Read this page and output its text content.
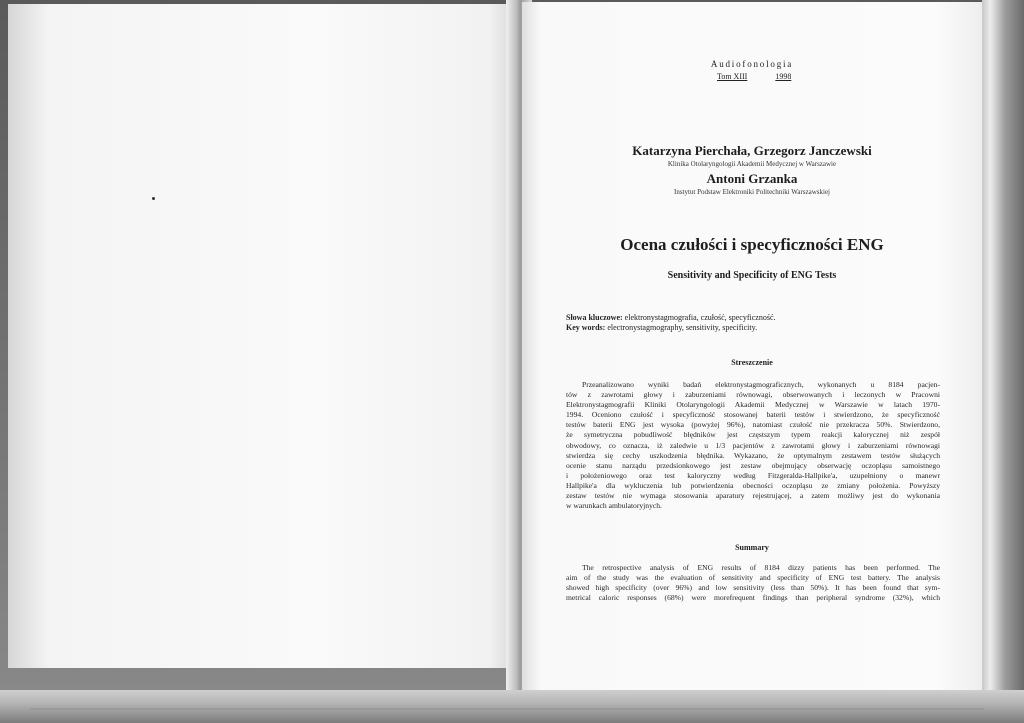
Audiofonologia
Tom XIII	1998
Katarzyna Pierchała, Grzegorz Janczewski
Klinika Otolaryngologii Akademii Medycznej w Warszawie
Antoni Grzanka
Instytut Podstaw Elektroniki Politechniki Warszawskiej
Ocena czułości i specyficzności ENG
Sensitivity and Specificity of ENG Tests
Słowa kluczowe: elektronystagmografia, czułość, specyficzność.
Key words: electronystagmography, sensitivity, specificity.
Streszczenie
Przeanalizowano wyniki badań elektronystagmograficznych, wykonanych u 8184 pacjen-
tów z zawrotami głowy i zaburzeniami równowagi, obserwowanych i leczonych w Pracowni
Elektronystagmografii Kliniki Otolaryngologii Akademii Medycznej w Warszawie w latach 1970-
1994. Oceniono czułość i specyficzność stosowanej baterii testów i stwierdzono, że specyficzność
testów baterii ENG jest wysoka (powyżej 96%), natomiast czułość nie przekracza 50%. Stwierdzono,
że symetryczna pobudliwość błędników jest częstszym typem reakcji kalorycznej niż zespół
obwodowy, co oznacza, iż zaledwie u 1/3 pacjentów z zawrotami głowy i zaburzeniami równowagi
stwierdza się cechy uszkodzenia błędnika. Wykazano, że optymalnym zestawem testów służących
ocenie stanu narządu przedsionkowego jest zestaw obejmujący obserwację oczopląsu samoistnego
i położeniowego oraz test kaloryczny według Fitzgeralda-Hallpike'a, uzupełniony o manewr
Hallpike'a dla wykluczenia lub potwierdzenia obecności oczopląsu ze zmiany położenia. Powyższy
zestaw testów nie wymaga stosowania aparatury rejestrującej, a zatem możliwy jest do wykonania
w warunkach ambulatoryjnych.
Summary
The retrospective analysis of ENG results of 8184 dizzy patients has been performed. The
aim of the study was the evaluation of sensitivity and specificity of ENG test battery. The analysis
showed high specificity (over 96%) and low sensitivity (less than 50%). It has been found that sym-
metrical caloric responses (68%) were morefrequent findings than peripheral syndrome (32%), which
